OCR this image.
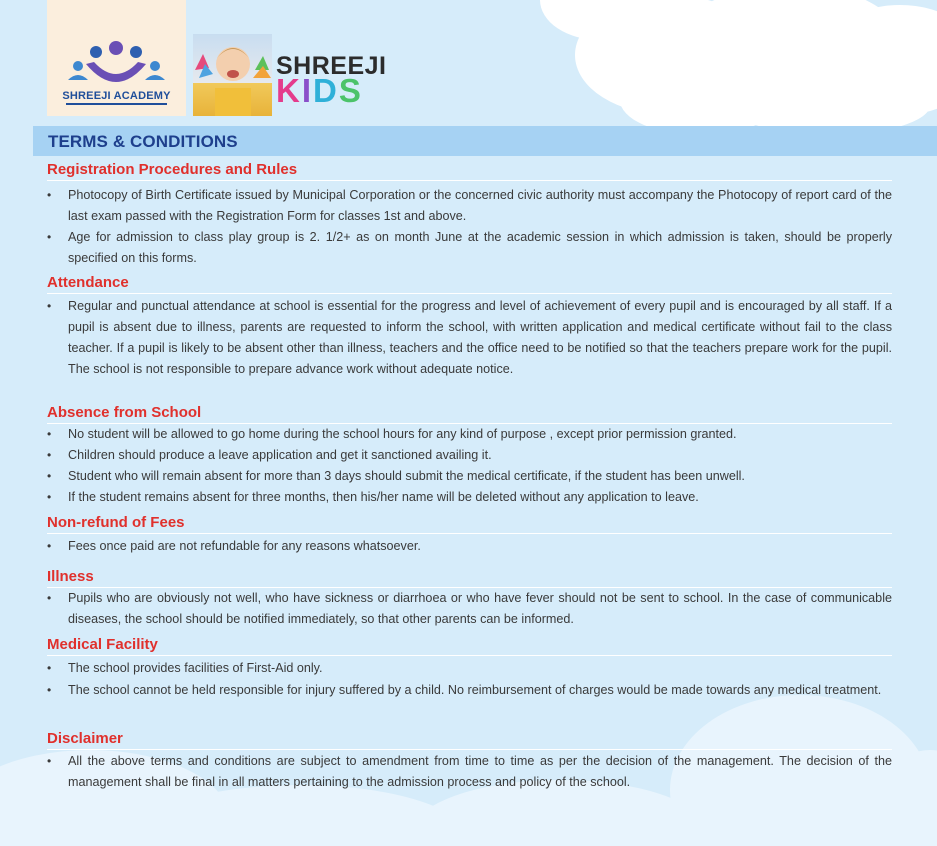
SHREEJI ACADEMY
SHREEJI
KIDS
TERMS & CONDITIONS
Registration Procedures and Rules
•	Photocopy of Birth Certificate issued by Municipal Corporation or the concerned civic authority must accompany the Photocopy of report card of the last exam passed with the Registration Form for classes 1st and above.
•	Age for admission to class play group is 2. 1/2+ as on month June at the academic session in which admission is taken, should be properly specified on this forms.
Attendance
•	Regular and punctual attendance at school is essential for the progress and level of achievement of every pupil and is encouraged by all staff. If a pupil is absent due to illness, parents are requested to inform the school, with written application and medical certificate without fail to the class teacher. If a pupil is likely to be absent other than illness, teachers and the office need to be notified so that the teachers prepare work for the pupil. The school is not responsible to prepare advance work without adequate notice.
Absence from School
•	No student will be allowed to go home during the school hours for any kind of purpose , except prior permission granted.
•	Children should produce a leave application and get it sanctioned availing it.
•	Student who will remain absent for more than 3 days should submit the medical certificate, if the student has been unwell.
•	If the student remains absent for three months, then his/her name will be deleted without any application to leave.
Non-refund of Fees
•	Fees once paid are not refundable for any reasons whatsoever.
Illness
•	Pupils who are obviously not well, who have sickness or diarrhoea or who have fever should not be sent to school. In the case of communicable diseases, the school should be notified immediately, so that other parents can be informed.
Medical Facility
•	The school provides facilities of First-Aid only.
•	The school cannot be held responsible for injury suffered by a child. No reimbursement of charges would be made towards any medical treatment.
Disclaimer
•	All the above terms and conditions are subject to amendment from time to time as per the decision of the management. The decision of the management shall be final in all matters pertaining to the admission process and policy of the school.
